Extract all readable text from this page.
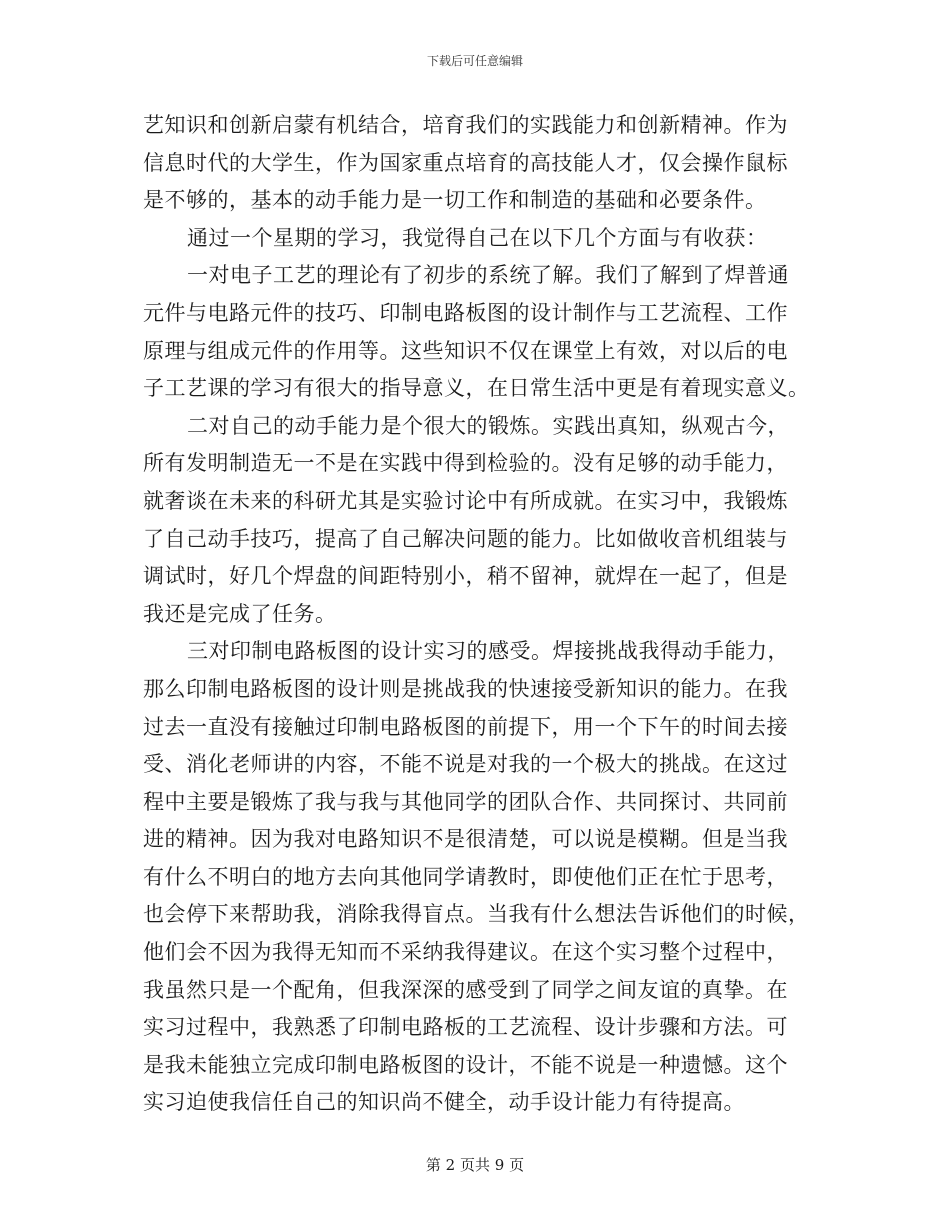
下载后可任意编辑
艺知识和创新启蒙有机结合，培育我们的实践能力和创新精神。作为
信息时代的大学生，作为国家重点培育的高技能人才，仅会操作鼠标
是不够的，基本的动手能力是一切工作和制造的基础和必要条件。
通过一个星期的学习，我觉得自己在以下几个方面与有收获：
一对电子工艺的理论有了初步的系统了解。我们了解到了焊普通
元件与电路元件的技巧、印制电路板图的设计制作与工艺流程、工作
原理与组成元件的作用等。这些知识不仅在课堂上有效，对以后的电
子工艺课的学习有很大的指导意义，在日常生活中更是有着现实意义。
二对自己的动手能力是个很大的锻炼。实践出真知，纵观古今，
所有发明制造无一不是在实践中得到检验的。没有足够的动手能力，
就奢谈在未来的科研尤其是实验讨论中有所成就。在实习中，我锻炼
了自己动手技巧，提高了自己解决问题的能力。比如做收音机组装与
调试时，好几个焊盘的间距特别小，稍不留神，就焊在一起了，但是
我还是完成了任务。
三对印制电路板图的设计实习的感受。焊接挑战我得动手能力，
那么印制电路板图的设计则是挑战我的快速接受新知识的能力。在我
过去一直没有接触过印制电路板图的前提下，用一个下午的时间去接
受、消化老师讲的内容，不能不说是对我的一个极大的挑战。在这过
程中主要是锻炼了我与我与其他同学的团队合作、共同探讨、共同前
进的精神。因为我对电路知识不是很清楚，可以说是模糊。但是当我
有什么不明白的地方去向其他同学请教时，即使他们正在忙于思考，
也会停下来帮助我，消除我得盲点。当我有什么想法告诉他们的时候，
他们会不因为我得无知而不采纳我得建议。在这个实习整个过程中，
我虽然只是一个配角，但我深深的感受到了同学之间友谊的真挚。在
实习过程中，我熟悉了印制电路板的工艺流程、设计步骤和方法。可
是我未能独立完成印制电路板图的设计，不能不说是一种遗憾。这个
实习迫使我信任自己的知识尚不健全，动手设计能力有待提高。
第 2 页共 9 页
